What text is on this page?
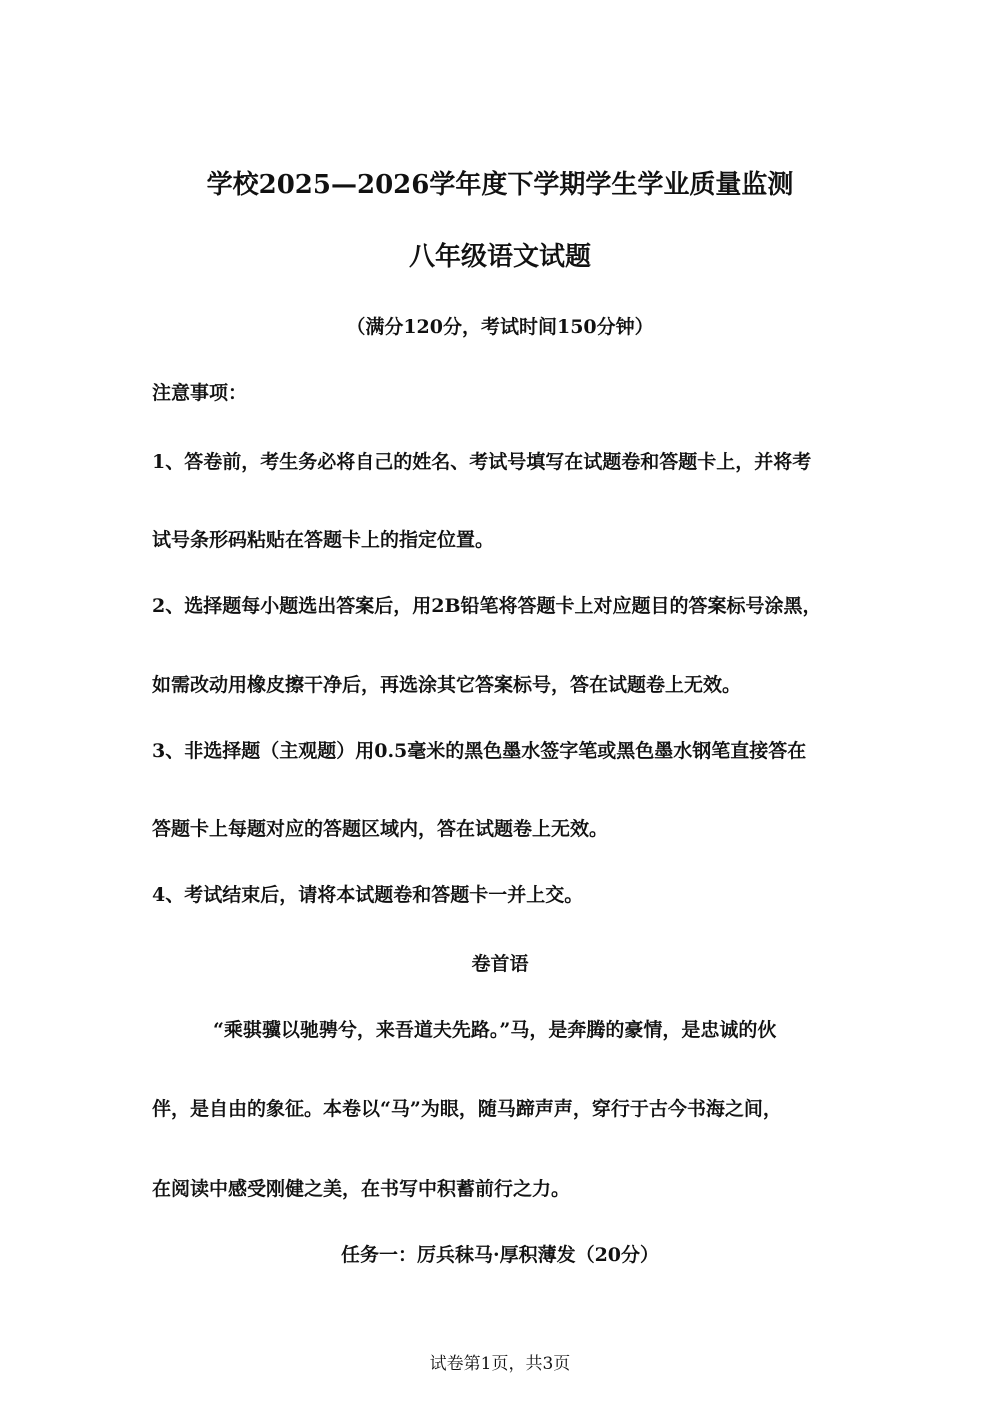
学校2025—2026学年度下学期学生学业质量监测
八年级语文试题
（满分120分，考试时间150分钟）
注意事项：
1、答卷前，考生务必将自己的姓名、考试号填写在试题卷和答题卡上，并将考
试号条形码粘贴在答题卡上的指定位置。
2、选择题每小题选出答案后，用2B铅笔将答题卡上对应题目的答案标号涂黑，
如需改动用橡皮擦干净后，再选涂其它答案标号，答在试题卷上无效。
3、非选择题（主观题）用0.5毫米的黑色墨水签字笔或黑色墨水钢笔直接答在
答题卡上每题对应的答题区域内，答在试题卷上无效。
4、考试结束后，请将本试题卷和答题卡一并上交。
卷首语
“乘骐骥以驰骋兮，来吾道夫先路。”马，是奔腾的豪情，是忠诚的伙
伴，是自由的象征。本卷以“马”为眼，随马蹄声声，穿行于古今书海之间，
在阅读中感受刚健之美，在书写中积蓄前行之力。
任务一：厉兵秣马·厚积薄发（20分）
试卷第1页，共3页
